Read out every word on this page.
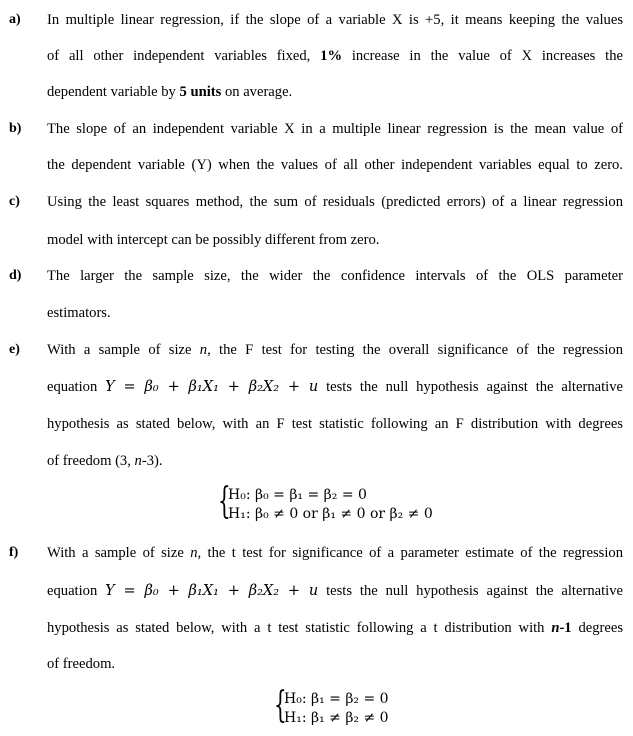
a) In multiple linear regression, if the slope of a variable X is +5, it means keeping the values
of all other independent variables fixed, 1% increase in the value of X increases the
dependent variable by 5 units on average.
b) The slope of an independent variable X in a multiple linear regression is the mean value of
the dependent variable (Y) when the values of all other independent variables equal to zero.
c) Using the least squares method, the sum of residuals (predicted errors) of a linear regression
model with intercept can be possibly different from zero.
d) The larger the sample size, the wider the confidence intervals of the OLS parameter
estimators.
e) With a sample of size n, the F test for testing the overall significance of the regression
equation Y = β₀ + β₁X₁ + β₂X₂ + u tests the null hypothesis against the alternative
hypothesis as stated below, with an F test statistic following an F distribution with degrees
of freedom (3, n-3).
{
H₀: β₀ = β₁ = β₂ = 0
H₁: β₀ ≠ 0 or β₁ ≠ 0 or β₂ ≠ 0
f) With a sample of size n, the t test for significance of a parameter estimate of the regression
equation Y = β₀ + β₁X₁ + β₂X₂ + u tests the null hypothesis against the alternative
hypothesis as stated below, with a t test statistic following a t distribution with n-1 degrees
of freedom.
{
H₀: β₁ = β₂ = 0
H₁: β₁ ≠ β₂ ≠ 0
